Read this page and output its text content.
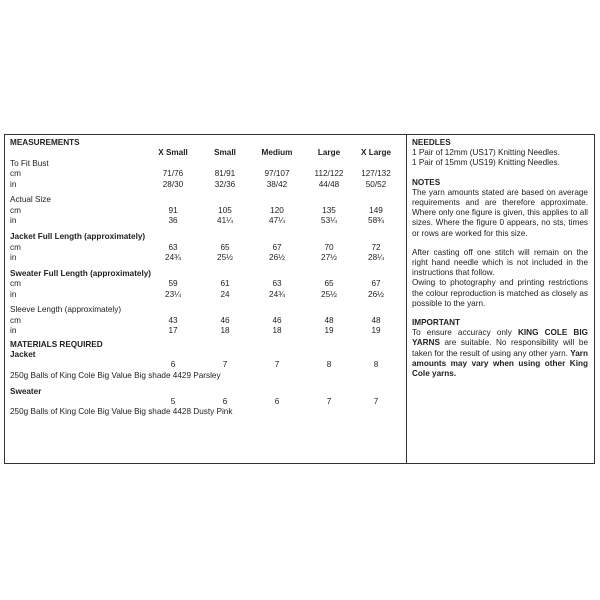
MEASUREMENTS
X Small	Small	Medium	Large	X Large
To Fit Bust
cm	71/76	81/91	97/107	112/122	127/132
in	28/30	32/36	38/42	44/48	50/52
Actual Size
cm	91	105	120	135	149
in	36	41¼	47¼	53¼	58¾
Jacket Full Length (approximately)
cm	63	65	67	70	72
in	24¾	25½	26½	27½	28¼
Sweater Full Length (approximately)
cm	59	61	63	65	67
in	23¼	24	24¾	25½	26½
Sleeve Length (approximately)
cm	43	46	46	48	48
in	17	18	18	19	19
MATERIALS REQUIRED
Jacket
6	7	7	8	8
250g Balls of King Cole Big Value Big shade 4429 Parsley
Sweater
5	6	6	7	7
250g Balls of King Cole Big Value Big shade 4428 Dusty Pink
NEEDLES
1 Pair of 12mm (US17) Knitting Needles.
1 Pair of 15mm (US19) Knitting Needles.
NOTES
The yarn amounts stated are based on average requirements and are therefore approximate. Where only one figure is given, this applies to all sizes. Where the figure 0 appears, no sts, times or rows are worked for this size.
After casting off one stitch will remain on the right hand needle which is not included in the instructions that follow.
Owing to photography and printing restrictions the colour reproduction is matched as closely as possible to the yarn.
IMPORTANT
To ensure accuracy only KING COLE BIG YARNS are suitable. No responsibility will be taken for the result of using any other yarn. Yarn amounts may vary when using other King Cole yarns.
